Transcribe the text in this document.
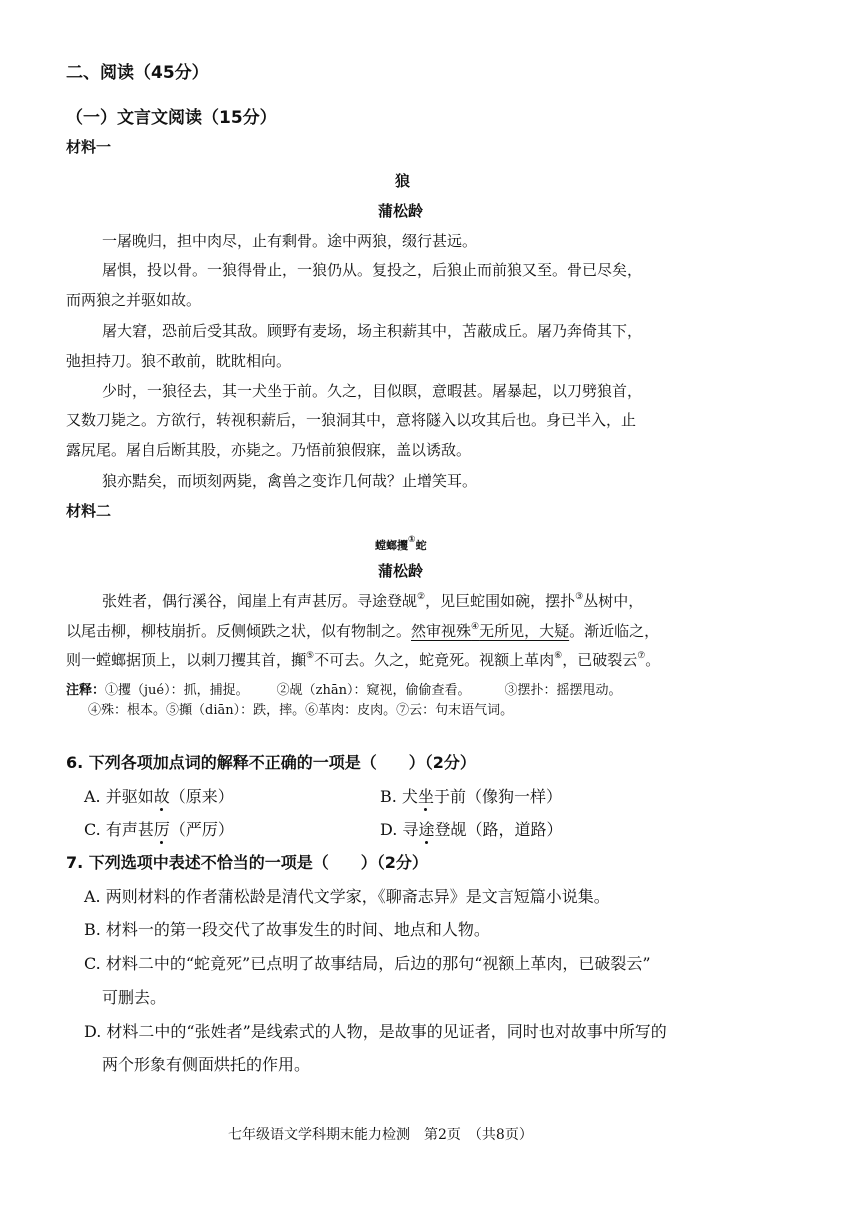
二、阅读（45分）
（一）文言文阅读（15分）
材料一
狼
蒲松龄
一屠晚归，担中肉尽，止有剩骨。途中两狼，缀行甚远。
屠惧，投以骨。一狼得骨止，一狼仍从。复投之，后狼止而前狼又至。骨已尽矣，
而两狼之并驱如故。
屠大窘，恐前后受其敌。顾野有麦场，场主积薪其中，苫蔽成丘。屠乃奔倚其下，
弛担持刀。狼不敢前，眈眈相向。
少时，一狼径去，其一犬坐于前。久之，目似瞑，意暇甚。屠暴起，以刀劈狼首，
又数刀毙之。方欲行，转视积薪后，一狼洞其中，意将隧入以攻其后也。身已半入，止
露尻尾。屠自后断其股，亦毙之。乃悟前狼假寐，盖以诱敌。
狼亦黠矣，而顷刻两毙，禽兽之变诈几何哉？止增笑耳。
材料二
螳螂攫①蛇
蒲松龄
张姓者，偶行溪谷，闻崖上有声甚厉。寻途登觇②，见巨蛇围如碗，摆扑③丛树中，
以尾击柳，柳枝崩折。反侧倾跌之状，似有物制之。然审视殊④无所见，大疑。渐近临之，
则一螳螂据顶上，以刺刀攫其首，攧⑤不可去。久之，蛇竟死。视额上革肉⑥，已破裂云⑦。
注释：①攫（jué）：抓，捕捉。 ②觇（zhān）：窥视，偷偷查看。	③摆扑：摇摆甩动。
④殊：根本。⑤攧（diān）：跌，摔。⑥革肉：皮肉。⑦云：句末语气词。
6. 下列各项加点词的解释不正确的一项是（　　）（2分）
A. 并驱如故（原来）	B. 犬坐于前（像狗一样）
C. 有声甚厉（严厉）	D. 寻途登觇（路，道路）
7. 下列选项中表述不恰当的一项是（　　）（2分）
A. 两则材料的作者蒲松龄是清代文学家，《聊斋志异》是文言短篇小说集。
B. 材料一的第一段交代了故事发生的时间、地点和人物。
C. 材料二中的“蛇竟死”已点明了故事结局，后边的那句“视额上革肉，已破裂云”
可删去。
D. 材料二中的“张姓者”是线索式的人物，是故事的见证者，同时也对故事中所写的
两个形象有侧面烘托的作用。
七年级语文学科期末能力检测　第2页　（共8页）
